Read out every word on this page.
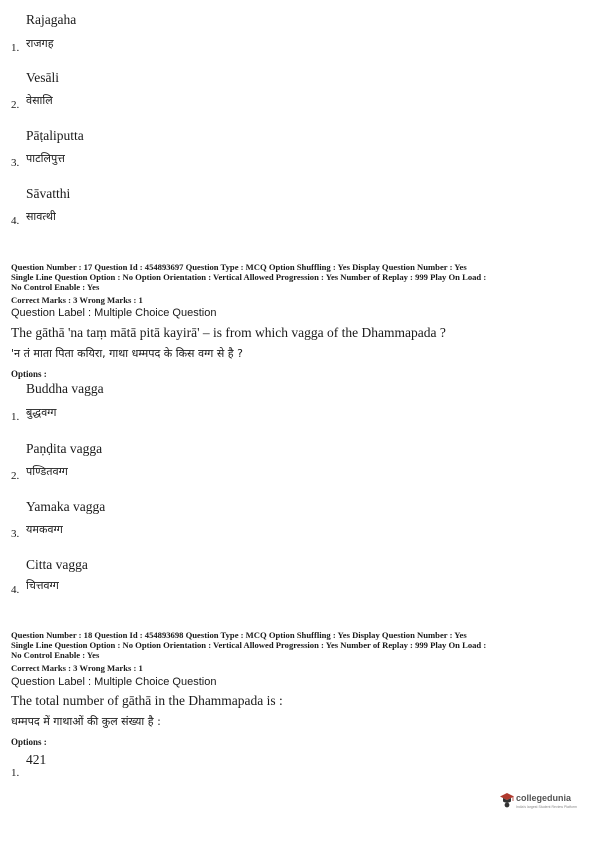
Rajagaha
राजगह
1.
Vesāli
वेसालि
2.
Pāṭaliputta
पाटलिपुत्त
3.
Sāvatthi
सावत्थी
4.
Question Number : 17 Question Id : 454893697 Question Type : MCQ Option Shuffling : Yes Display Question Number : Yes
Single Line Question Option : No Option Orientation : Vertical Allowed Progression : Yes Number of Replay : 999 Play On Load :
No Control Enable : Yes
Correct Marks : 3 Wrong Marks : 1
Question Label : Multiple Choice Question
The gāthā 'na taṃ mātā pitā kayirā' – is from which vagga of the Dhammapada ?
'न तं माता पिता कयिरा, गाथा धम्मपद के किस वग्ग से है ?
Options :
Buddha vagga
बुद्धवग्ग
1.
Paṇḍita vagga
पण्डितवग्ग
2.
Yamaka vagga
यमकवग्ग
3.
Citta vagga
चित्तवग्ग
4.
Question Number : 18 Question Id : 454893698 Question Type : MCQ Option Shuffling : Yes Display Question Number : Yes
Single Line Question Option : No Option Orientation : Vertical Allowed Progression : Yes Number of Replay : 999 Play On Load :
No Control Enable : Yes
Correct Marks : 3 Wrong Marks : 1
Question Label : Multiple Choice Question
The total number of gāthā in the Dhammapada is :
धम्मपद में गाथाओं की कुल संख्या है :
Options :
421
1.
collegedunia
India's largest Student Review Platform
